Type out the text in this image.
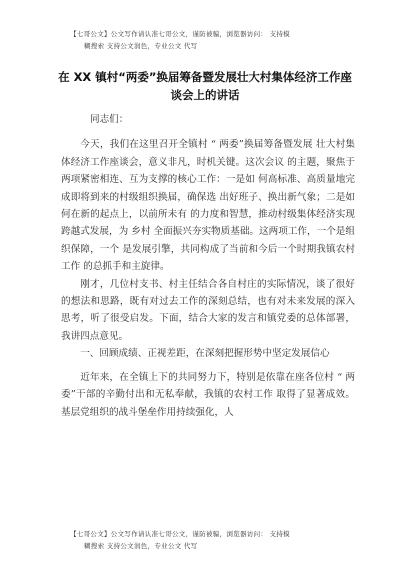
【七哥公文】公文写作请认准七哥公文，谨防被骗，浏览器访问： 支持模
糊搜索 支持公文润色，专业公文 代写
在 XX 镇村“两委”换届筹备暨发展壮大村集体经济工作座
谈会上的讲话

同志们：

今天，我们在这里召开全镇村 “ 两委”换届筹备暨发展 壮大村集体经济工作座谈会，意义非凡，时机关键。这次会议 的主题，聚焦于两项紧密相连、互为支撑的核心工作：一是如 何高标准、高质量地完成即将到来的村级组织换届，确保选 出好班子、换出新气象；二是如何在新的起点上，以前所未有 的力度和智慧，推动村级集体经济实现跨越式发展，为 乡村 全面振兴夯实物质基础。这两项工作，一个是组织保障，一个 是发展引擎，共同构成了当前和今后一个时期我镇农村工作 的总抓手和主旋律。

刚才，几位村支书、村主任结合各自村庄的实际情况，谈了很好的想法和思路，既有对过去工作的深刻总结，也有对未来发展的深入思考，听了很受启发。下面，结合大家的发言和镇党委的总体部署，我讲四点意见。

一、回顾成绩、正视差距，在深刻把握形势中坚定发展信心

近年来，在全镇上下的共同努力下，特别是依靠在座各位村 “ 两委”干部的辛勤付出和无私奉献，我镇的农村工作 取得了显著成效。基层党组织的战斗堡垒作用持续强化，人

【七哥公文】公文写作请认准七哥公文，谨防被骗，浏览器访问： 支持模
糊搜索 支持公文润色，专业公文 代写
